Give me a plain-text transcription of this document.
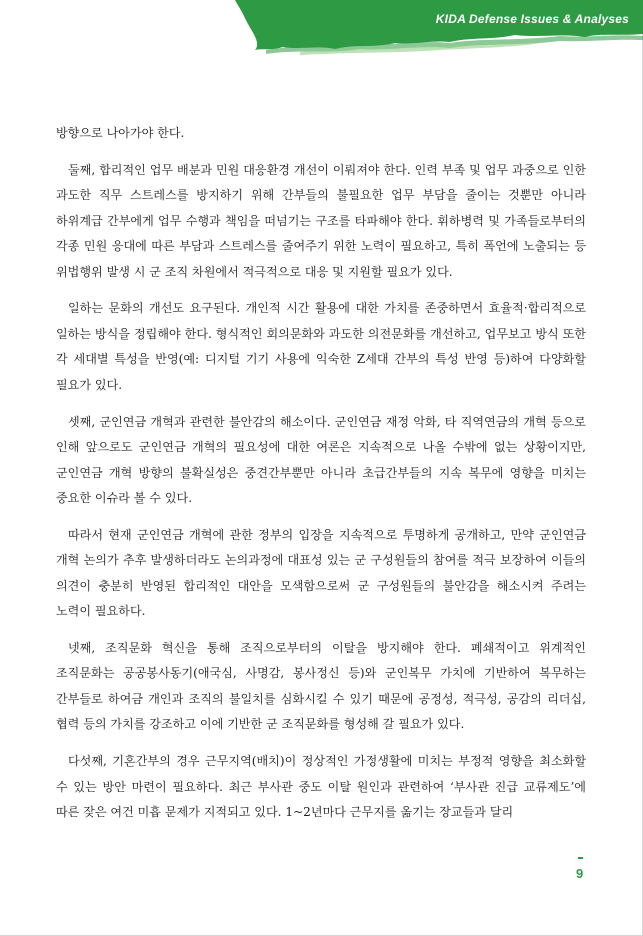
KIDA Defense Issues & Analyses

방향으로 나아가야 한다.

둘째, 합리적인 업무 배분과 민원 대응환경 개선이 이뤄져야 한다. 인력 부족 및 업무 과중으로 인한 과도한 직무 스트레스를 방지하기 위해 간부들의 불필요한 업무 부담을 줄이는 것뿐만 아니라 하위계급 간부에게 업무 수행과 책임을 떠넘기는 구조를 타파해야 한다. 휘하병력 및 가족들로부터의 각종 민원 응대에 따른 부담과 스트레스를 줄여주기 위한 노력이 필요하고, 특히 폭언에 노출되는 등 위법행위 발생 시 군 조직 차원에서 적극적으로 대응 및 지원할 필요가 있다.

일하는 문화의 개선도 요구된다. 개인적 시간 활용에 대한 가치를 존중하면서 효율적·합리적으로 일하는 방식을 정립해야 한다. 형식적인 회의문화와 과도한 의전문화를 개선하고, 업무보고 방식 또한 각 세대별 특성을 반영(예: 디지털 기기 사용에 익숙한 Z세대 간부의 특성 반영 등)하여 다양화할 필요가 있다.

셋째, 군인연금 개혁과 관련한 불안감의 해소이다. 군인연금 재정 악화, 타 직역연금의 개혁 등으로 인해 앞으로도 군인연금 개혁의 필요성에 대한 여론은 지속적으로 나올 수밖에 없는 상황이지만, 군인연금 개혁 방향의 불확실성은 중견간부뿐만 아니라 초급간부들의 지속 복무에 영향을 미치는 중요한 이슈라 볼 수 있다.

따라서 현재 군인연금 개혁에 관한 정부의 입장을 지속적으로 투명하게 공개하고, 만약 군인연금 개혁 논의가 추후 발생하더라도 논의과정에 대표성 있는 군 구성원들의 참여를 적극 보장하여 이들의 의견이 충분히 반영된 합리적인 대안을 모색함으로써 군 구성원들의 불안감을 해소시켜 주려는 노력이 필요하다.

넷째, 조직문화 혁신을 통해 조직으로부터의 이탈을 방지해야 한다. 폐쇄적이고 위계적인 조직문화는 공공봉사동기(애국심, 사명감, 봉사정신 등)와 군인복무 가치에 기반하여 복무하는 간부들로 하여금 개인과 조직의 불일치를 심화시킬 수 있기 때문에 공정성, 적극성, 공감의 리더십, 협력 등의 가치를 강조하고 이에 기반한 군 조직문화를 형성해 갈 필요가 있다.

다섯째, 기혼간부의 경우 근무지역(배치)이 정상적인 가정생활에 미치는 부정적 영향을 최소화할 수 있는 방안 마련이 필요하다. 최근 부사관 중도 이탈 원인과 관련하여 ‘부사관 진급 교류제도’에 따른 잦은 여건 미흡 문제가 지적되고 있다. 1~2년마다 근무지를 옮기는 장교들과 달리

9
